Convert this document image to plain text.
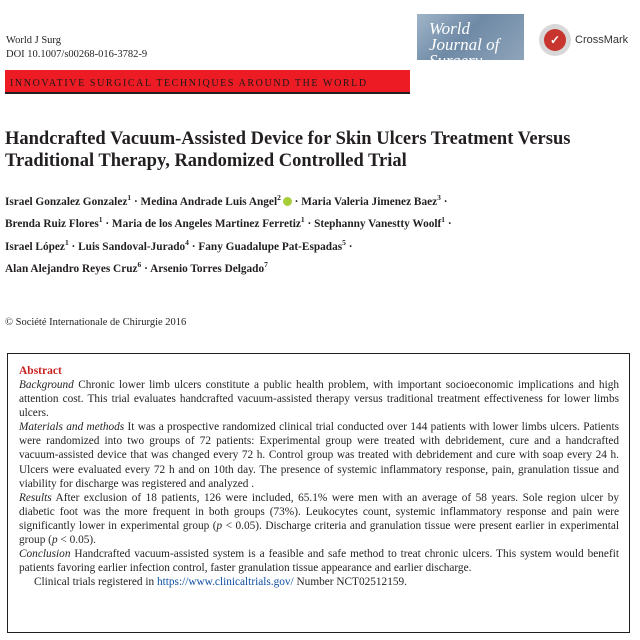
World J Surg
DOI 10.1007/s00268-016-3782-9
World Journal of Surgery
✓	CrossMark
INNOVATIVE SURGICAL TECHNIQUES AROUND THE WORLD
Handcrafted Vacuum-Assisted Device for Skin Ulcers Treatment Versus Traditional Therapy, Randomized Controlled Trial
Israel Gonzalez Gonzalez$^1$ · Medina Andrade Luis Angel$^2$ · Maria Valeria Jimenez Baez$^3$ ·
Brenda Ruiz Flores$^1$ · Maria de los Angeles Martinez Ferretiz$^1$ · Stephanny Vanestty Woolf$^1$ ·
Israel López$^1$ · Luis Sandoval-Jurado$^4$ · Fany Guadalupe Pat-Espadas$^5$ ·
Alan Alejandro Reyes Cruz$^6$ · Arsenio Torres Delgado$^7$
© Société Internationale de Chirurgie 2016
Abstract

Background Chronic lower limb ulcers constitute a public health problem, with important socioeconomic implications and high attention cost. This trial evaluates handcrafted vacuum-assisted therapy versus traditional treatment effectiveness for lower limbs ulcers.

Materials and methods It was a prospective randomized clinical trial conducted over 144 patients with lower limbs ulcers. Patients were randomized into two groups of 72 patients: Experimental group were treated with debridement, cure and a handcrafted vacuum-assisted device that was changed every 72 h. Control group was treated with debridement and cure with soap every 24 h. Ulcers were evaluated every 72 h and on 10th day. The presence of systemic inflammatory response, pain, granulation tissue and viability for discharge was registered and analyzed .

Results After exclusion of 18 patients, 126 were included, 65.1% were men with an average of 58 years. Sole region ulcer by diabetic foot was the more frequent in both groups (73%). Leukocytes count, systemic inflammatory response and pain were significantly lower in experimental group (p < 0.05). Discharge criteria and granulation tissue were present earlier in experimental group (p < 0.05).

Conclusion Handcrafted vacuum-assisted system is a feasible and safe method to treat chronic ulcers. This system would benefit patients favoring earlier infection control, faster granulation tissue appearance and earlier discharge.

Clinical trials registered in https://www.clinicaltrials.gov/ Number NCT02512159.
